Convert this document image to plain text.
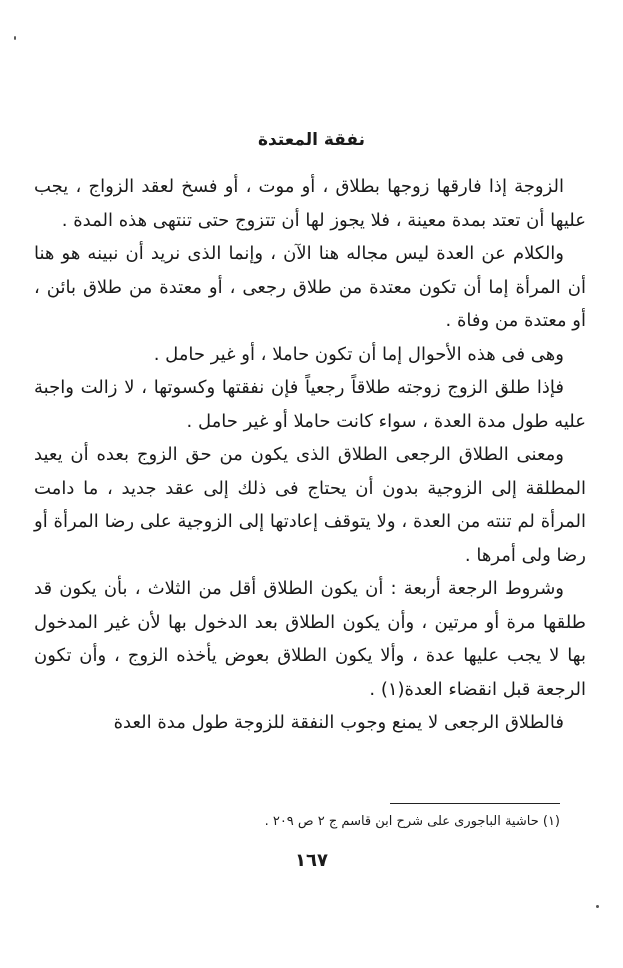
نفقة المعتدة

الزوجة إذا فارقها زوجها بطلاق ، أو موت ، أو فسخ لعقد الزواج ، يجب عليها أن تعتد بمدة معينة ، فلا يجوز لها أن تتزوج حتى تنتهى هذه المدة .

والكلام عن العدة ليس مجاله هنا الآن ، وإنما الذى نريد أن نبينه هو هنا أن المرأة إما أن تكون معتدة من طلاق رجعى ، أو معتدة من طلاق بائن ، أو معتدة من وفاة .

وهى فى هذه الأحوال إما أن تكون حاملا ، أو غير حامل .

فإذا طلق الزوج زوجته طلاقاً رجعياً فإن نفقتها وكسوتها ، لا زالت واجبة عليه طول مدة العدة ، سواء كانت حاملا أو غير حامل .

ومعنى الطلاق الرجعى الطلاق الذى يكون من حق الزوج بعده أن يعيد المطلقة إلى الزوجية بدون أن يحتاج فى ذلك إلى عقد جديد ، ما دامت المرأة لم تنته من العدة ، ولا يتوقف إعادتها إلى الزوجية على رضا المرأة أو رضا ولى أمرها .

وشروط الرجعة أربعة : أن يكون الطلاق أقل من الثلاث ، بأن يكون قد طلقها مرة أو مرتين ، وأن يكون الطلاق بعد الدخول بها لأن غير المدخول بها لا يجب عليها عدة ، وألا يكون الطلاق بعوض يأخذه الزوج ، وأن تكون الرجعة قبل انقضاء العدة(١) .

فالطلاق الرجعى لا يمنع وجوب النفقة للزوجة طول مدة العدة

(١) حاشية الباجورى على شرح ابن قاسم ج ٢ ص ٢٠٩ .
١٦٧
